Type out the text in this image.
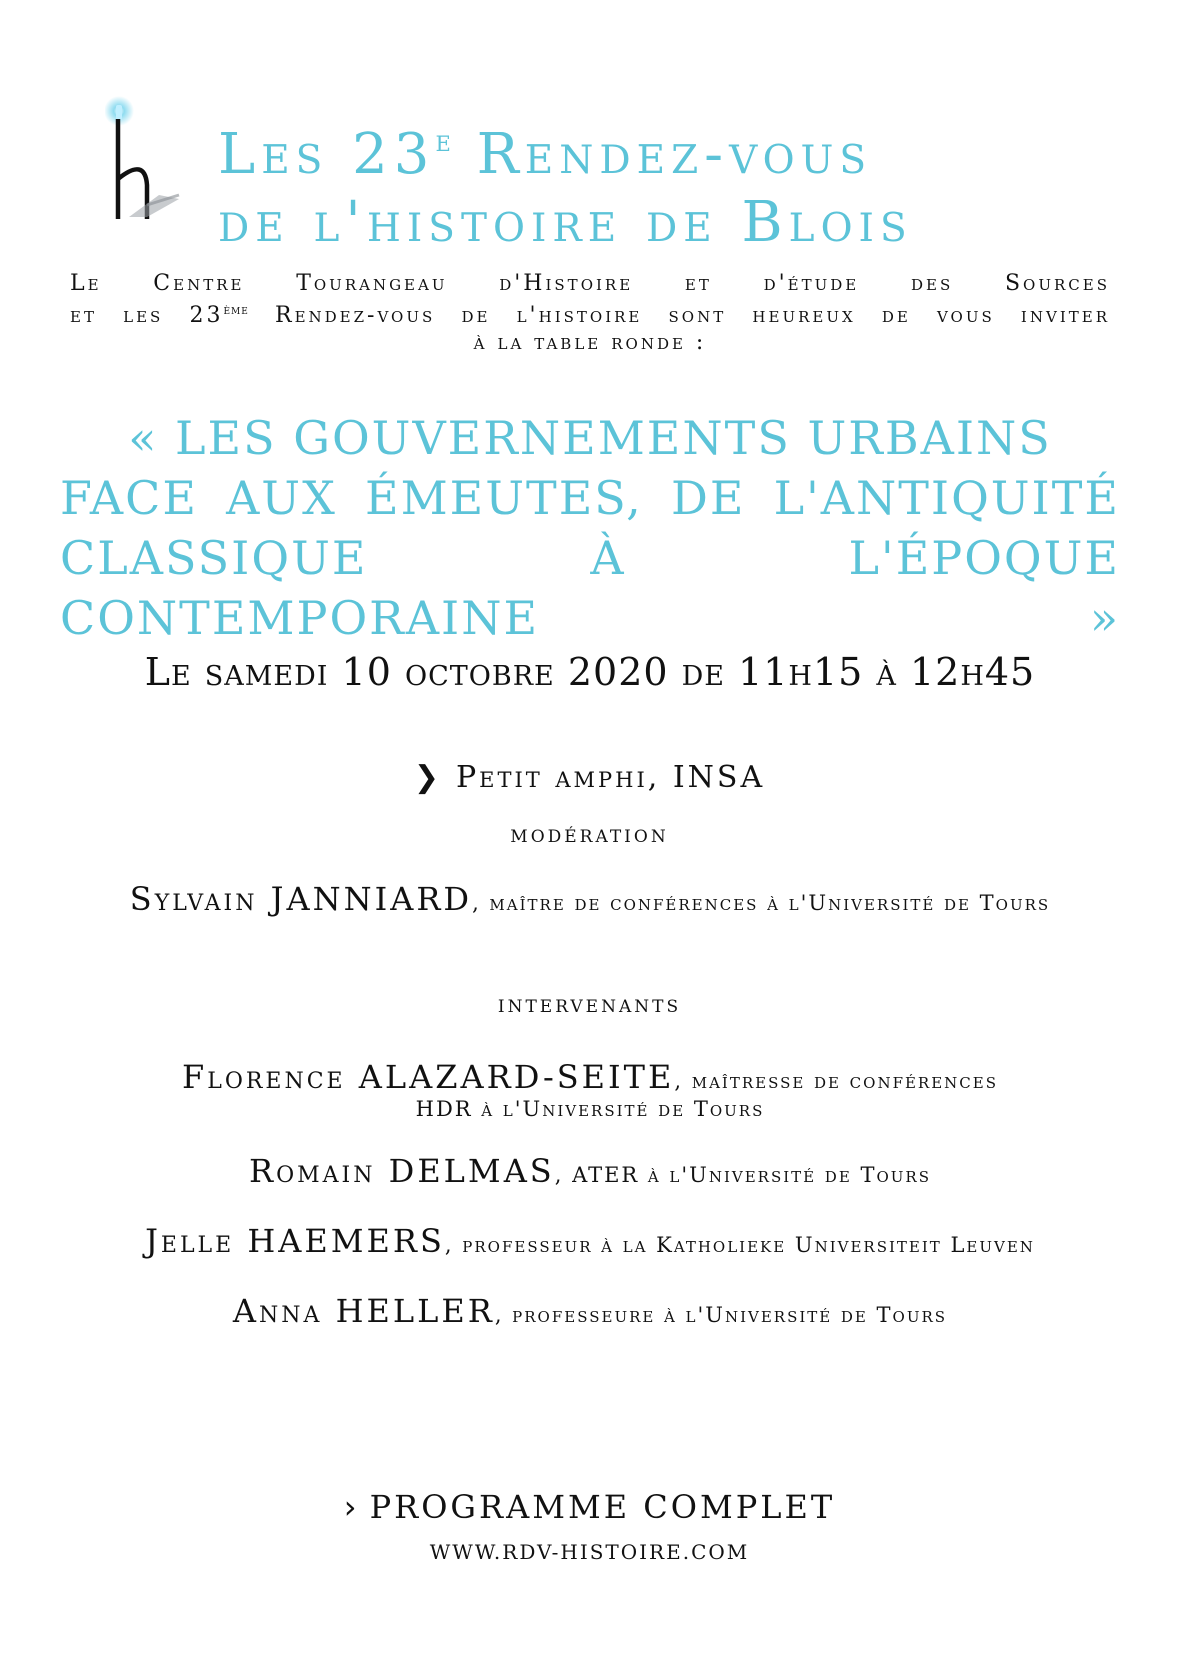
Les 23e Rendez-vous
de l'histoire de Blois
Le Centre Tourangeau d'Histoire et d'étude des Sources
et les 23ème Rendez-vous de l'histoire sont heureux de vous inviter
à la table ronde :
« LES GOUVERNEMENTS URBAINS
FACE AUX ÉMEUTES, DE L'ANTIQUITÉ
CLASSIQUE À L'ÉPOQUE CONTEMPORAINE »
Le samedi 10 octobre 2020 de 11h15 à 12h45
❯ Petit amphi, INSA
modération
Sylvain JANNIARD, maître de conférences à l'Université de Tours
intervenants
Florence ALAZARD-SEITE, maîtresse de conférences
HDR à l'Université de Tours
Romain DELMAS, ATER à l'Université de Tours
Jelle HAEMERS, professeur à la Katholieke Universiteit Leuven
Anna HELLER, professeure à l'Université de Tours
› PROGRAMME COMPLET
WWW.RDV-HISTOIRE.COM
